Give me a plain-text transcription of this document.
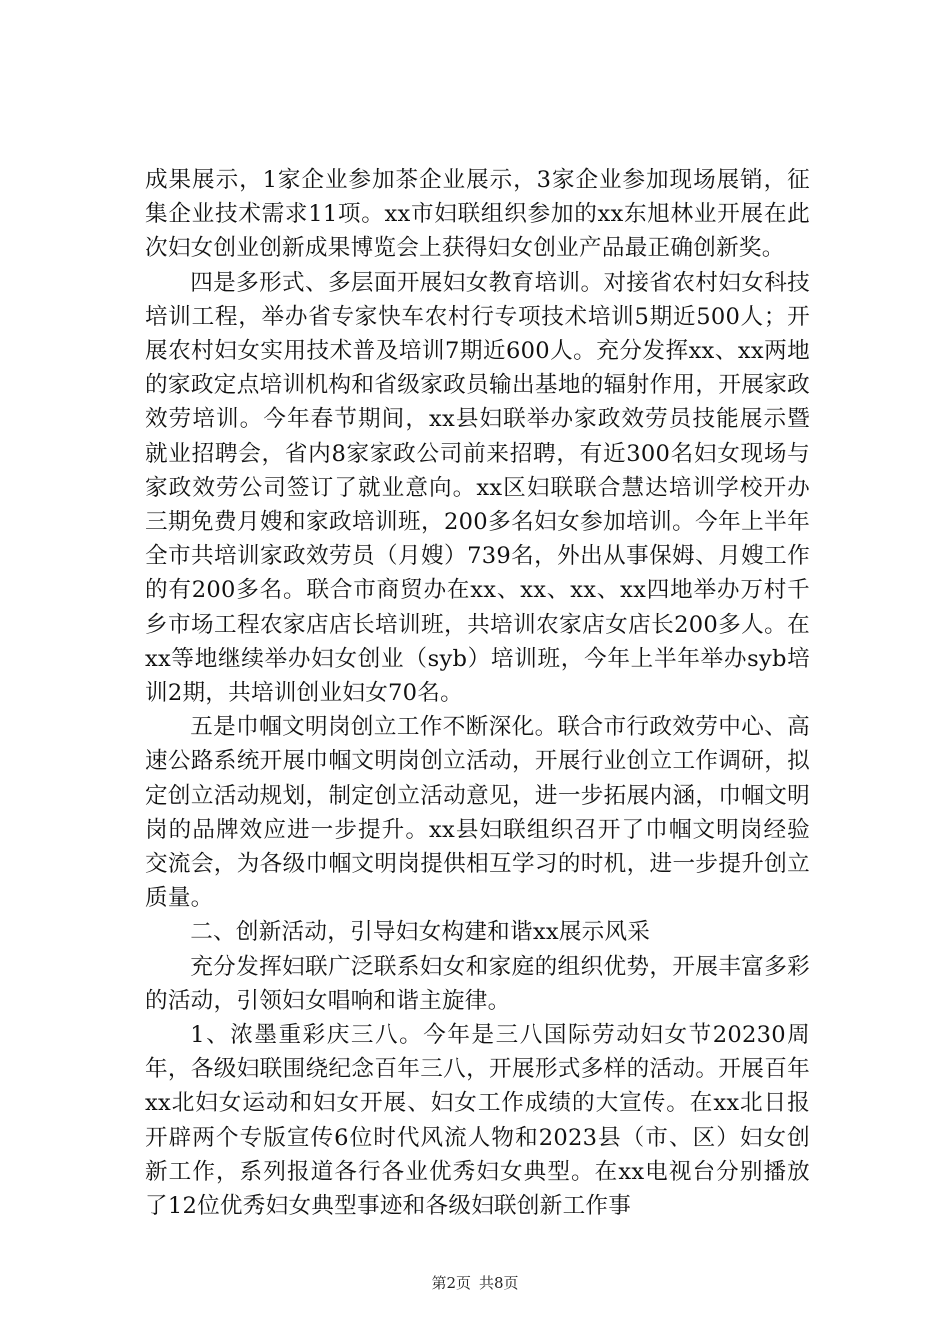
成果展示，1家企业参加茶企业展示，3家企业参加现场展销，征集企业技术需求11项。xx市妇联组织参加的xx东旭林业开展在此次妇女创业创新成果博览会上获得妇女创业产品最正确创新奖。

四是多形式、多层面开展妇女教育培训。对接省农村妇女科技培训工程，举办省专家快车农村行专项技术培训5期近500人；开展农村妇女实用技术普及培训7期近600人。充分发挥xx、xx两地的家政定点培训机构和省级家政员输出基地的辐射作用，开展家政效劳培训。今年春节期间，xx县妇联举办家政效劳员技能展示暨就业招聘会，省内8家家政公司前来招聘，有近300名妇女现场与家政效劳公司签订了就业意向。xx区妇联联合慧达培训学校开办三期免费月嫂和家政培训班，200多名妇女参加培训。今年上半年全市共培训家政效劳员（月嫂）739名，外出从事保姆、月嫂工作的有200多名。联合市商贸办在xx、xx、xx、xx四地举办万村千乡市场工程农家店店长培训班，共培训农家店女店长200多人。在xx等地继续举办妇女创业（syb）培训班，今年上半年举办syb培训2期，共培训创业妇女70名。

五是巾帼文明岗创立工作不断深化。联合市行政效劳中心、高速公路系统开展巾帼文明岗创立活动，开展行业创立工作调研，拟定创立活动规划，制定创立活动意见，进一步拓展内涵，巾帼文明岗的品牌效应进一步提升。xx县妇联组织召开了巾帼文明岗经验交流会，为各级巾帼文明岗提供相互学习的时机，进一步提升创立质量。

二、创新活动，引导妇女构建和谐xx展示风采

充分发挥妇联广泛联系妇女和家庭的组织优势，开展丰富多彩的活动，引领妇女唱响和谐主旋律。

1、浓墨重彩庆三八。今年是三八国际劳动妇女节20230周年，各级妇联围绕纪念百年三八，开展形式多样的活动。开展百年xx北妇女运动和妇女开展、妇女工作成绩的大宣传。在xx北日报开辟两个专版宣传6位时代风流人物和2023县（市、区）妇女创新工作，系列报道各行各业优秀妇女典型。在xx电视台分别播放了12位优秀妇女典型事迹和各级妇联创新工作事

第2页 共8页
